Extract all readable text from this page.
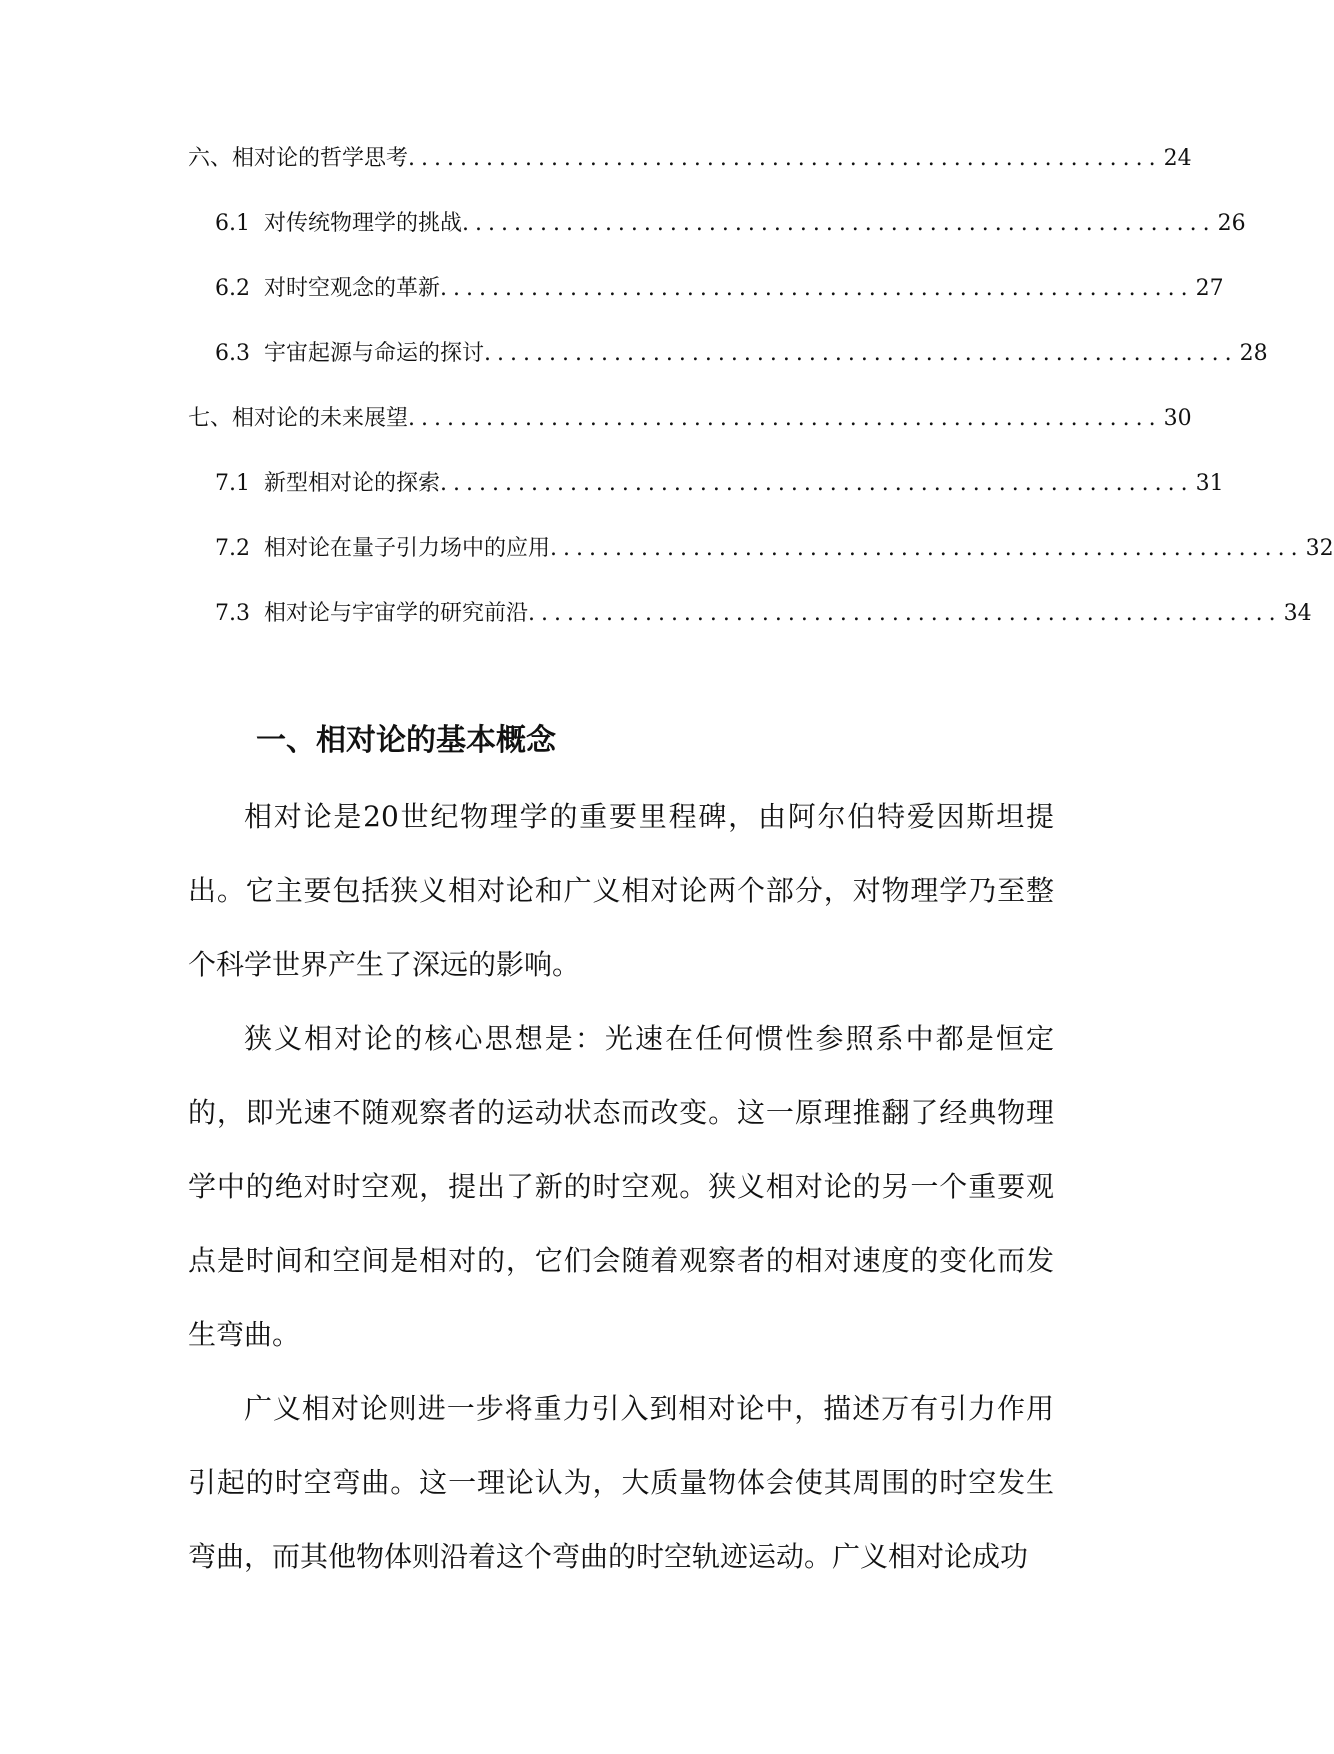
六、相对论的哲学思考 .......................................................... 24
6.1 对传统物理学的挑战 .......................................................... 26
6.2 对时空观念的革新 .......................................................... 27
6.3 宇宙起源与命运的探讨 .......................................................... 28
七、相对论的未来展望 .......................................................... 30
7.1 新型相对论的探索 .......................................................... 31
7.2 相对论在量子引力场中的应用 .......................................................... 32
7.3 相对论与宇宙学的研究前沿 .......................................................... 34
一、相对论的基本概念

相对论是20世纪物理学的重要里程碑，由阿尔伯特爱因斯坦提出。它主要包括狭义相对论和广义相对论两个部分，对物理学乃至整个科学世界产生了深远的影响。

狭义相对论的核心思想是：光速在任何惯性参照系中都是恒定的，即光速不随观察者的运动状态而改变。这一原理推翻了经典物理学中的绝对时空观，提出了新的时空观。狭义相对论的另一个重要观点是时间和空间是相对的，它们会随着观察者的相对速度的变化而发生弯曲。

广义相对论则进一步将重力引入到相对论中，描述万有引力作用引起的时空弯曲。这一理论认为，大质量物体会使其周围的时空发生弯曲，而其他物体则沿着这个弯曲的时空轨迹运动。广义相对论成功
